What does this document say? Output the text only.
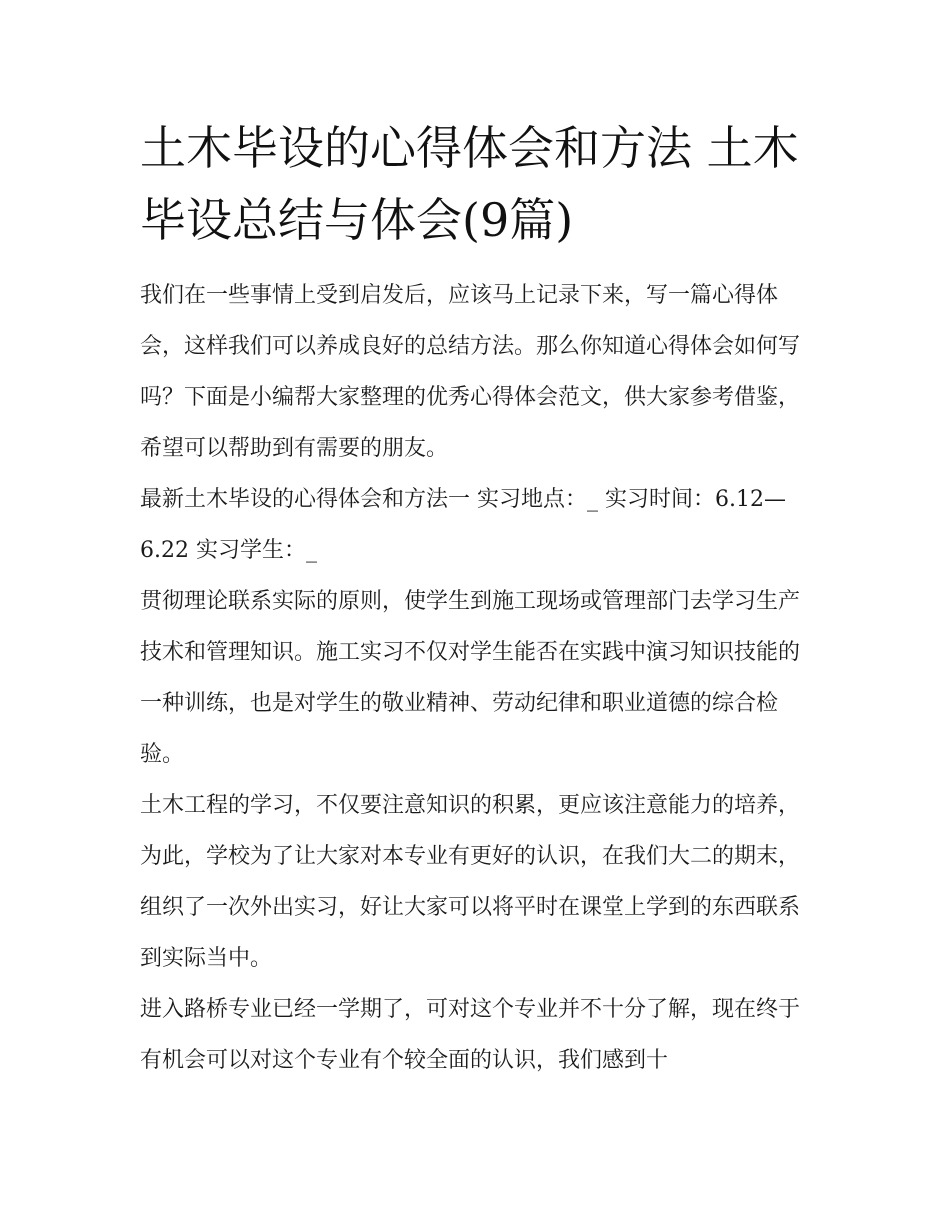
土木毕设的心得体会和方法 土木毕设总结与体会(9篇)

我们在一些事情上受到启发后，应该马上记录下来，写一篇心得体会，这样我们可以养成良好的总结方法。那么你知道心得体会如何写吗？下面是小编帮大家整理的优秀心得体会范文，供大家参考借鉴，希望可以帮助到有需要的朋友。

最新土木毕设的心得体会和方法一 实习地点：_ 实习时间：6.12—6.22 实习学生：_

贯彻理论联系实际的原则，使学生到施工现场或管理部门去学习生产技术和管理知识。施工实习不仅对学生能否在实践中演习知识技能的一种训练，也是对学生的敬业精神、劳动纪律和职业道德的综合检验。

土木工程的学习，不仅要注意知识的积累，更应该注意能力的培养，为此，学校为了让大家对本专业有更好的认识，在我们大二的期末，组织了一次外出实习，好让大家可以将平时在课堂上学到的东西联系到实际当中。

进入路桥专业已经一学期了，可对这个专业并不十分了解，现在终于有机会可以对这个专业有个较全面的认识，我们感到十
